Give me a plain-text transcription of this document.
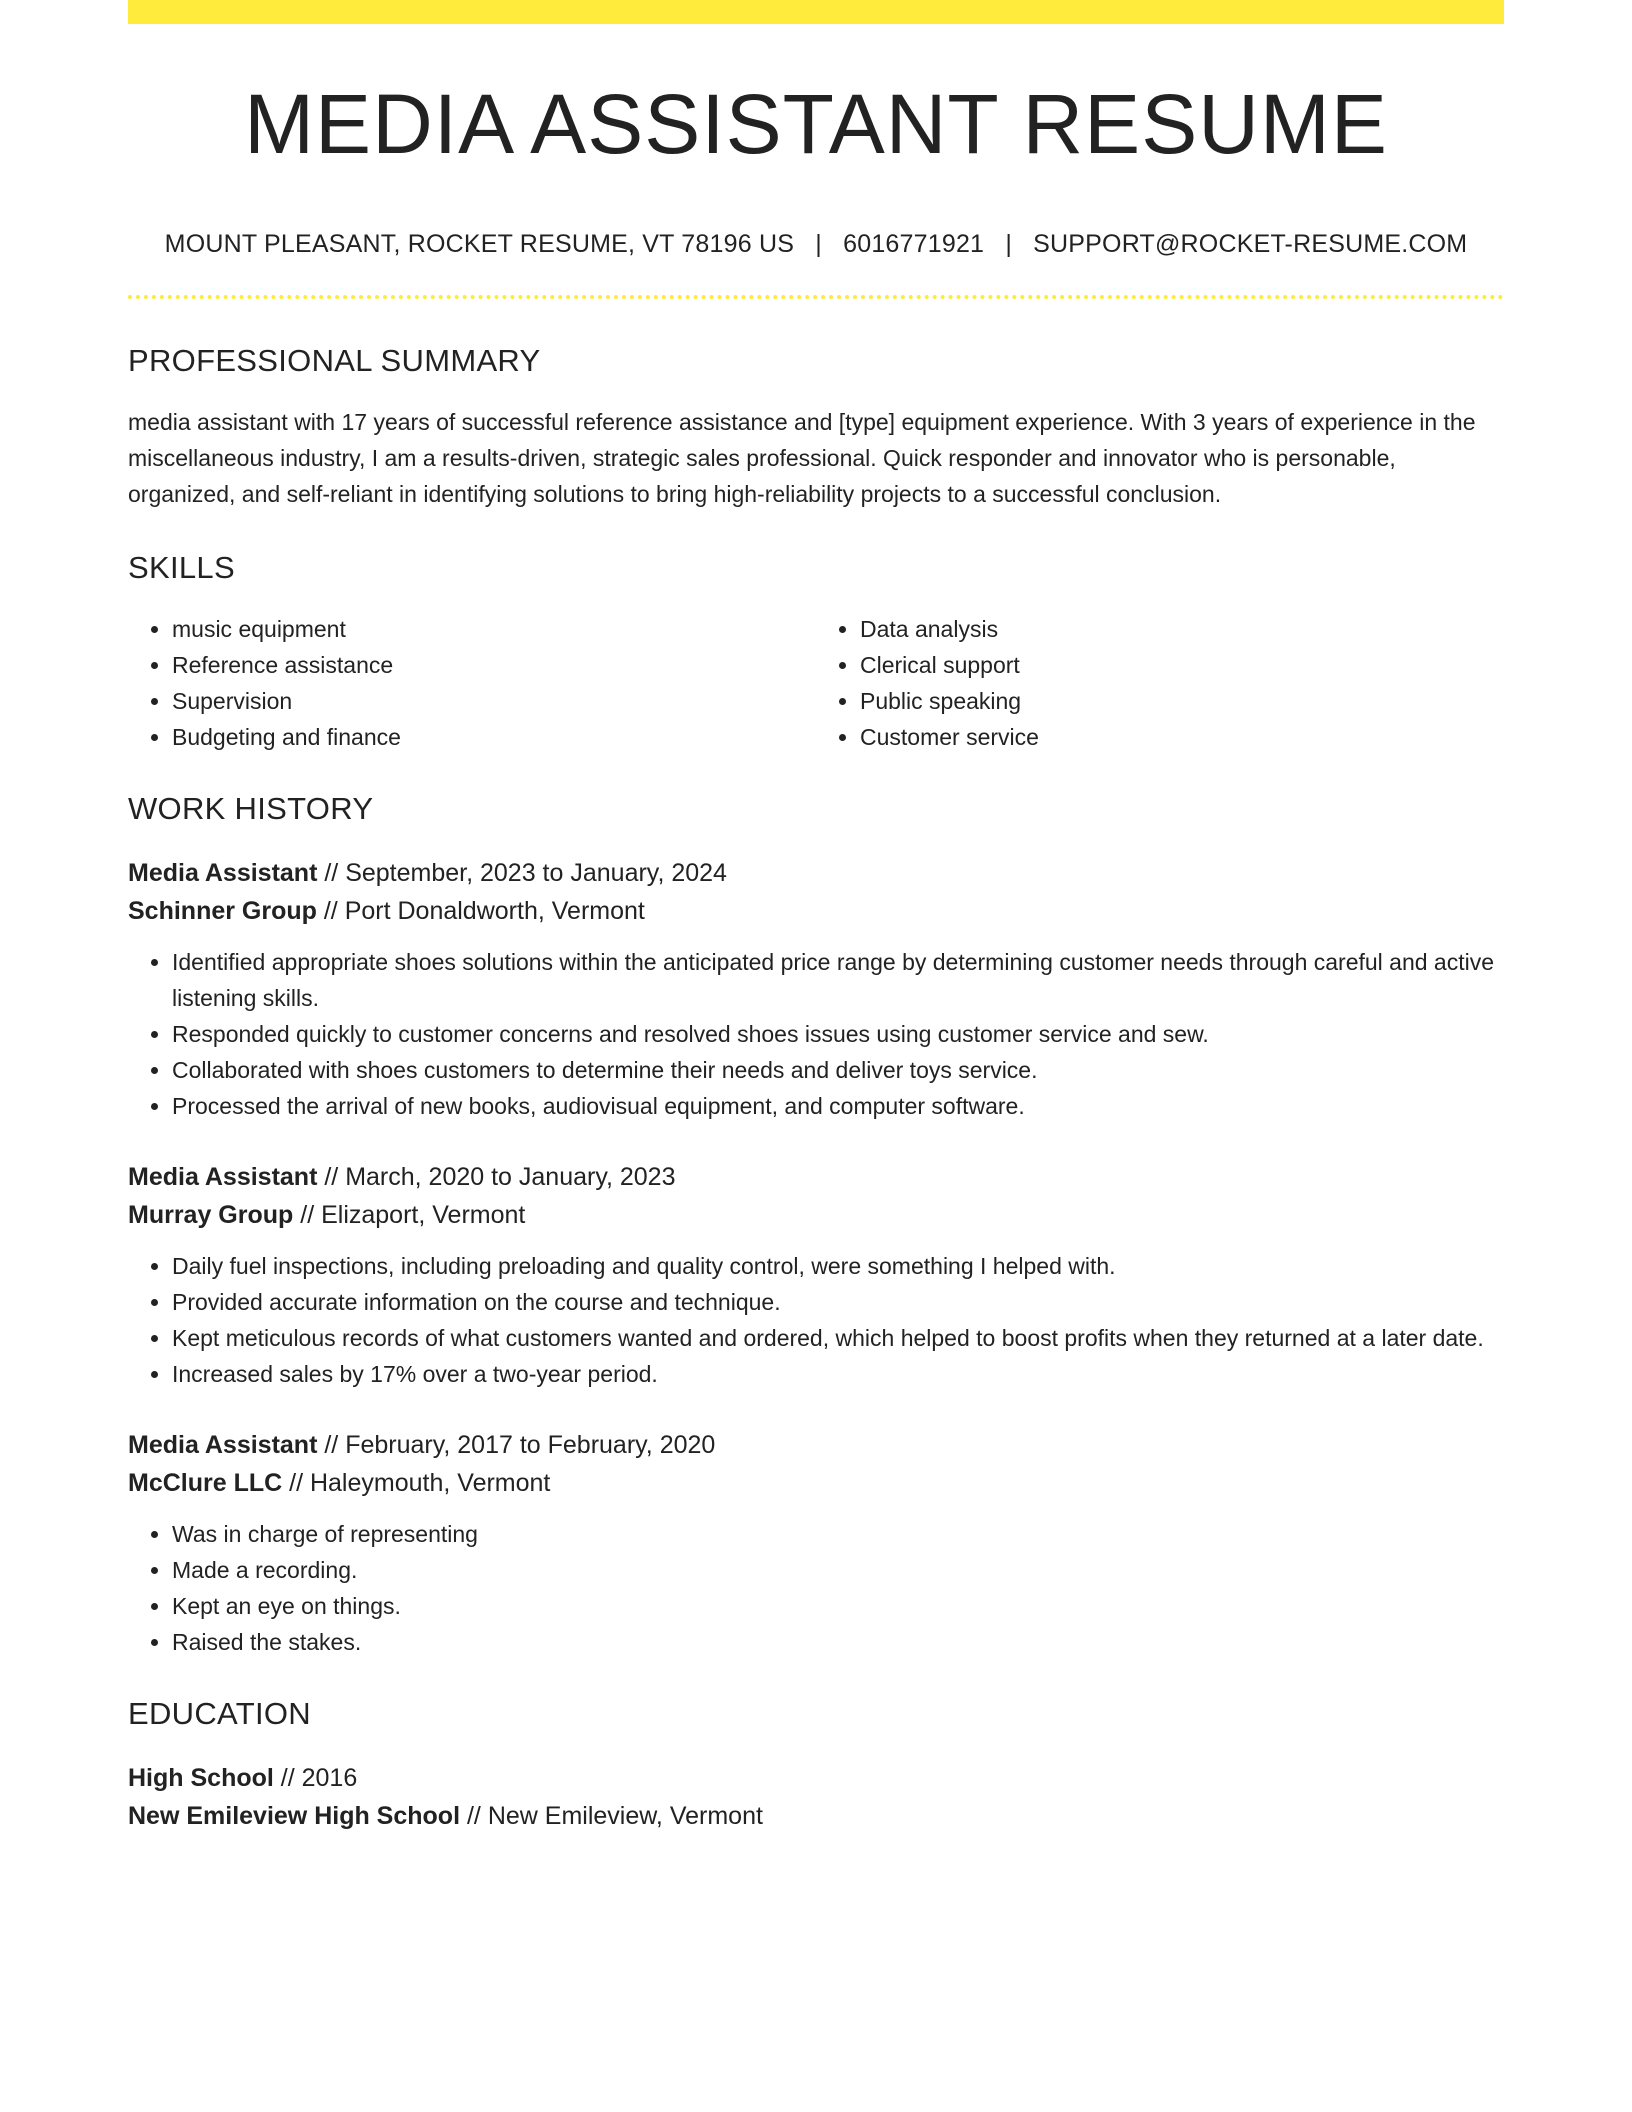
MEDIA ASSISTANT RESUME
MOUNT PLEASANT, ROCKET RESUME, VT 78196 US | 6016771921 | SUPPORT@ROCKET-RESUME.COM
PROFESSIONAL SUMMARY
media assistant with 17 years of successful reference assistance and [type] equipment experience. With 3 years of experience in the miscellaneous industry, I am a results-driven, strategic sales professional. Quick responder and innovator who is personable, organized, and self-reliant in identifying solutions to bring high-reliability projects to a successful conclusion.
SKILLS
• music equipment
• Reference assistance
• Supervision
• Budgeting and finance
• Data analysis
• Clerical support
• Public speaking
• Customer service
WORK HISTORY
Media Assistant // September, 2023 to January, 2024
Schinner Group // Port Donaldworth, Vermont
• Identified appropriate shoes solutions within the anticipated price range by determining customer needs through careful and active listening skills.
• Responded quickly to customer concerns and resolved shoes issues using customer service and sew.
• Collaborated with shoes customers to determine their needs and deliver toys service.
• Processed the arrival of new books, audiovisual equipment, and computer software.
Media Assistant // March, 2020 to January, 2023
Murray Group // Elizaport, Vermont
• Daily fuel inspections, including preloading and quality control, were something I helped with.
• Provided accurate information on the course and technique.
• Kept meticulous records of what customers wanted and ordered, which helped to boost profits when they returned at a later date.
• Increased sales by 17% over a two-year period.
Media Assistant // February, 2017 to February, 2020
McClure LLC // Haleymouth, Vermont
• Was in charge of representing
• Made a recording.
• Kept an eye on things.
• Raised the stakes.
EDUCATION
High School // 2016
New Emileview High School // New Emileview, Vermont
